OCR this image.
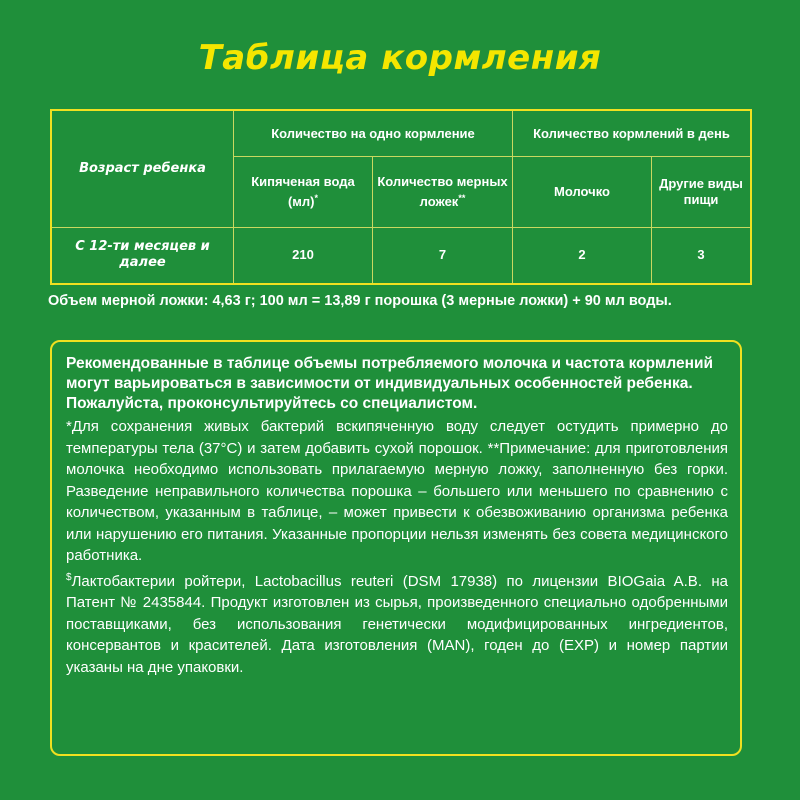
Таблица кормления
Возраст ребенка	Количество на одно кормление		Количество кормлений в день	
	Кипяченая вода (мл)*	Количество мерных ложек**	Молочко	Другие виды пищи
С 12-ти месяцев и далее	210	7	2	3
Объем мерной ложки: 4,63 г; 100 мл = 13,89 г порошка (3 мерные ложки) + 90 мл воды.
Рекомендованные в таблице объемы потребляемого молочка и частота кормлений могут варьироваться в зависимости от индивидуальных особенностей ребенка. Пожалуйста, проконсультируйтесь со специалистом.

*Для сохранения живых бактерий вскипяченную воду следует остудить примерно до температуры тела (37°С) и затем добавить сухой порошок. **Примечание: для приготовления молочка необходимо использовать прилагаемую мерную ложку, заполненную без горки. Разведение неправильного количества порошка – большего или меньшего по сравнению с количеством, указанным в таблице, – может привести к обезвоживанию организма ребенка или нарушению его питания. Указанные пропорции нельзя изменять без совета медицинского работника.

$Лактобактерии ройтери, Lactobacillus reuteri (DSM 17938) по лицензии BIOGaia A.B. на Патент № 2435844. Продукт изготовлен из сырья, произведенного специально одобренными поставщиками, без использования генетически модифицированных ингредиентов, консервантов и красителей. Дата изготовления (MAN), годен до (EXP) и номер партии указаны на дне упаковки.
